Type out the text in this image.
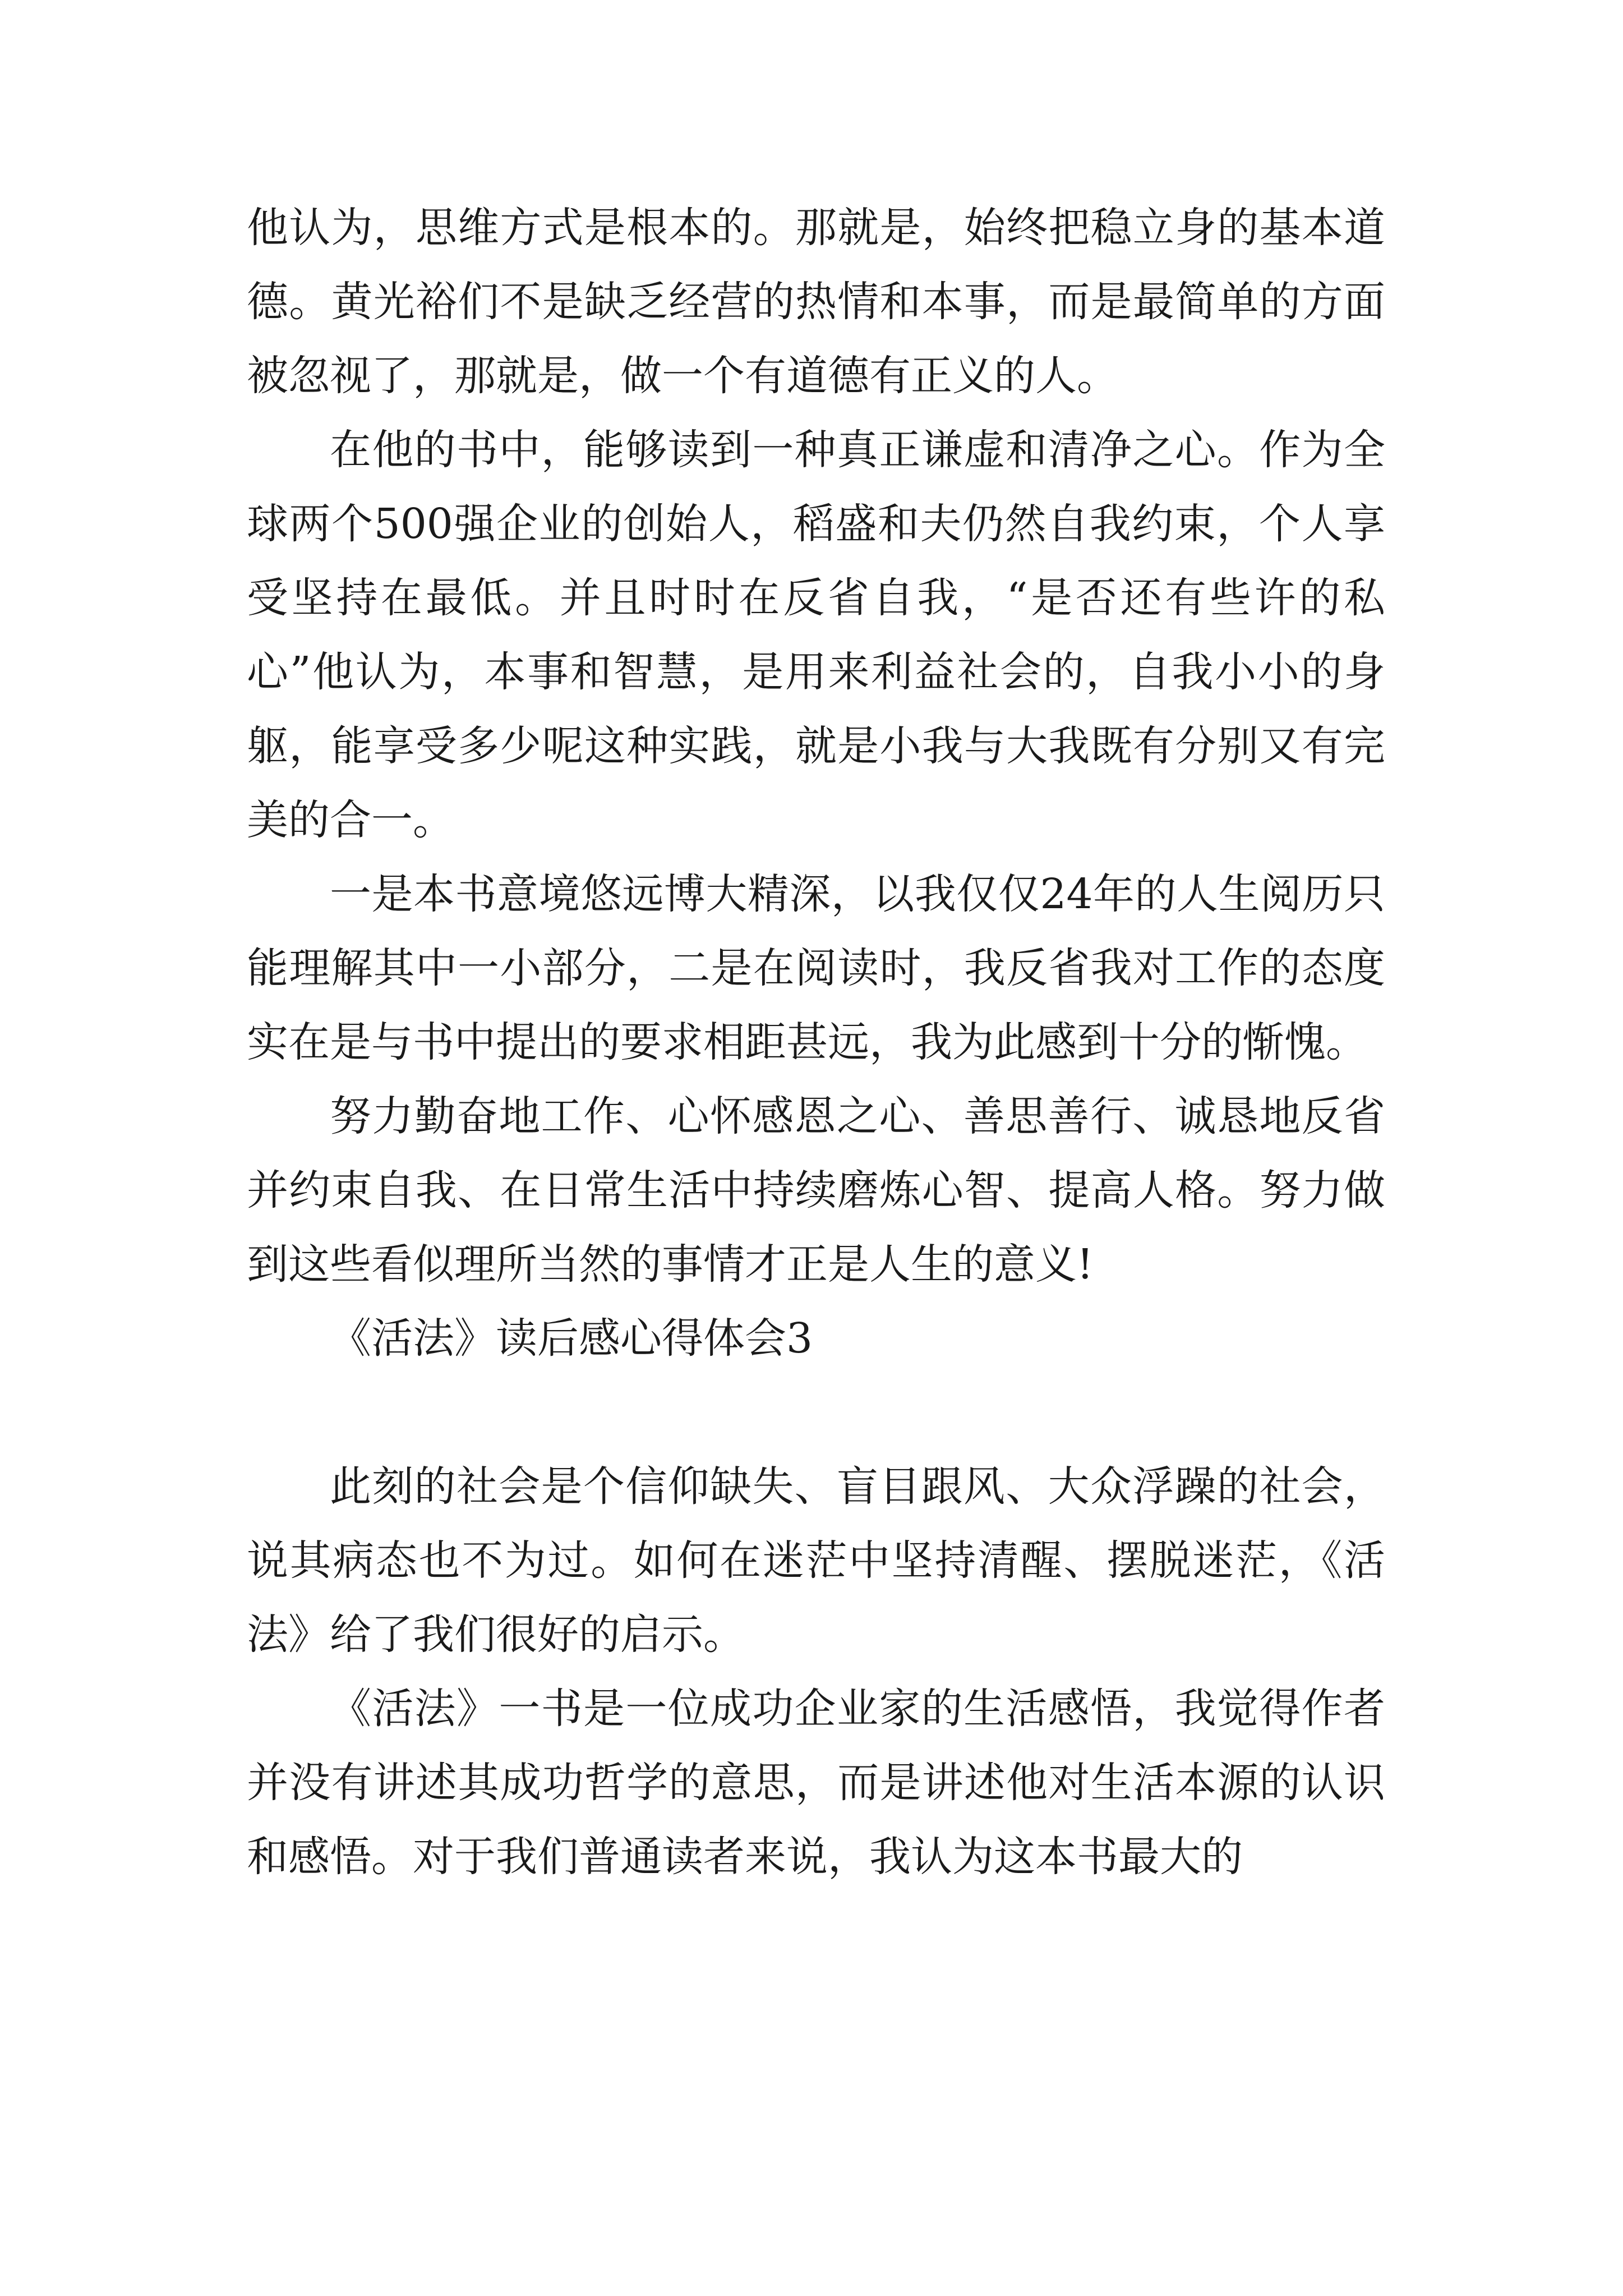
他认为，思维方式是根本的。那就是，始终把稳立身的基本道德。黄光裕们不是缺乏经营的热情和本事，而是最简单的方面被忽视了，那就是，做一个有道德有正义的人。

在他的书中，能够读到一种真正谦虚和清净之心。作为全球两个500强企业的创始人，稻盛和夫仍然自我约束，个人享受坚持在最低。并且时时在反省自我，“是否还有些许的私心”他认为，本事和智慧，是用来利益社会的，自我小小的身躯，能享受多少呢这种实践，就是小我与大我既有分别又有完美的合一。

一是本书意境悠远博大精深，以我仅仅24年的人生阅历只能理解其中一小部分，二是在阅读时，我反省我对工作的态度实在是与书中提出的要求相距甚远，我为此感到十分的惭愧。

努力勤奋地工作、心怀感恩之心、善思善行、诚恳地反省并约束自我、在日常生活中持续磨炼心智、提高人格。努力做到这些看似理所当然的事情才正是人生的意义!

《活法》读后感心得体会3

此刻的社会是个信仰缺失、盲目跟风、大众浮躁的社会，说其病态也不为过。如何在迷茫中坚持清醒、摆脱迷茫，《活法》给了我们很好的启示。

《活法》一书是一位成功企业家的生活感悟，我觉得作者并没有讲述其成功哲学的意思，而是讲述他对生活本源的认识和感悟。对于我们普通读者来说，我认为这本书最大的
